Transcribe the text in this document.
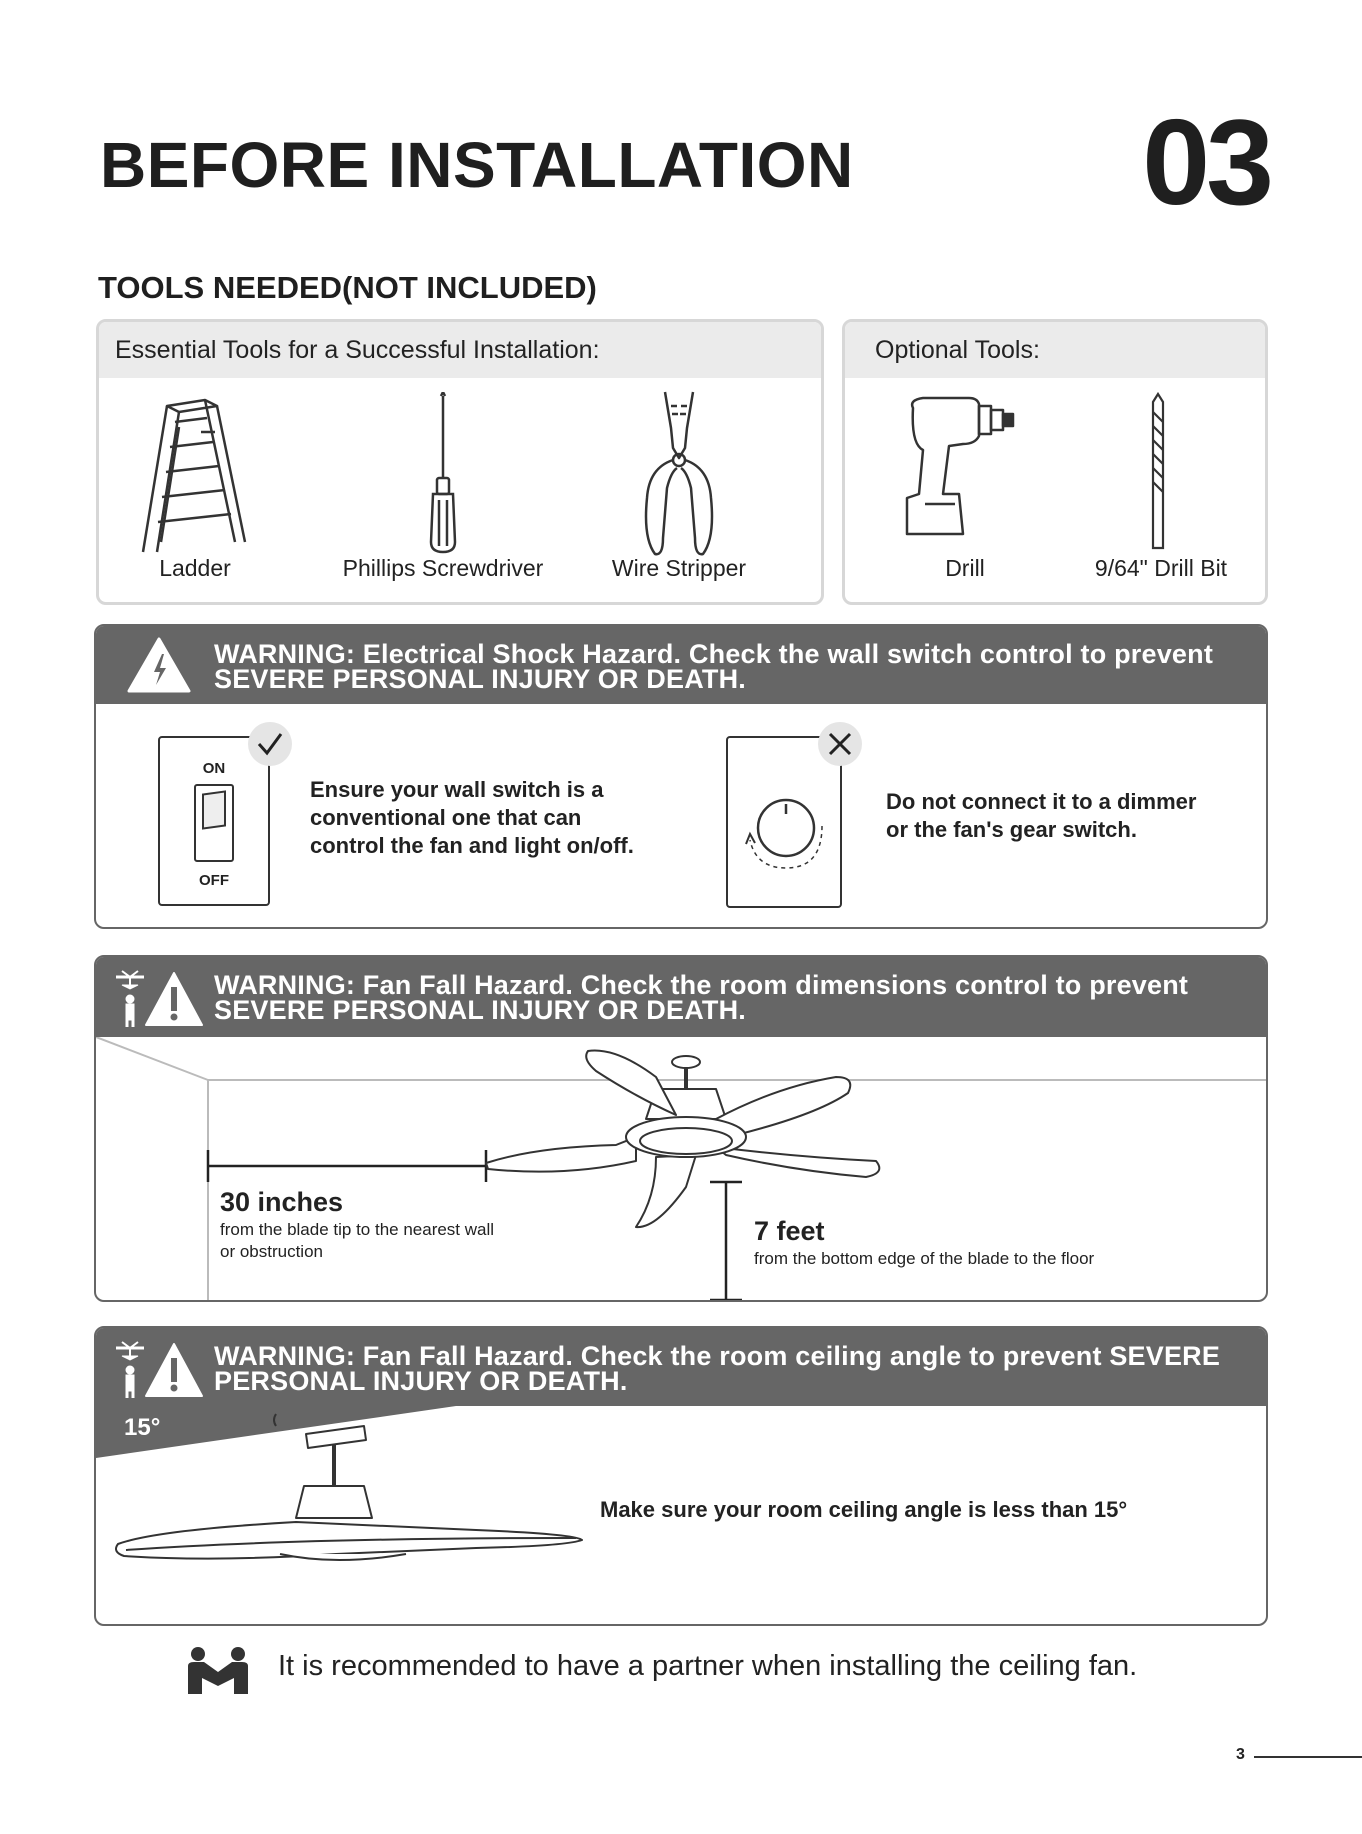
BEFORE INSTALLATION 03
TOOLS NEEDED(NOT INCLUDED)
Essential Tools for a Successful Installation:
Ladder	Phillips Screwdriver	Wire Stripper
Optional Tools:
Drill	9/64" Drill Bit
WARNING: Electrical Shock Hazard. Check the wall switch control to prevent
SEVERE PERSONAL INJURY OR DEATH.
ON
OFF
Ensure your wall switch is a
conventional one that can
control the fan and light on/off.
Do not connect it to a dimmer
or the fan's gear switch.
WARNING: Fan Fall Hazard. Check the room dimensions control to prevent
SEVERE PERSONAL INJURY OR DEATH.
30 inches
from the blade tip to the nearest wall
or obstruction
7 feet
from the bottom edge of the blade to the floor
WARNING: Fan Fall Hazard. Check the room ceiling angle to prevent SEVERE
PERSONAL INJURY OR DEATH.
15°
Make sure your room ceiling angle is less than 15°
It is recommended to have a partner when installing the ceiling fan.
3
